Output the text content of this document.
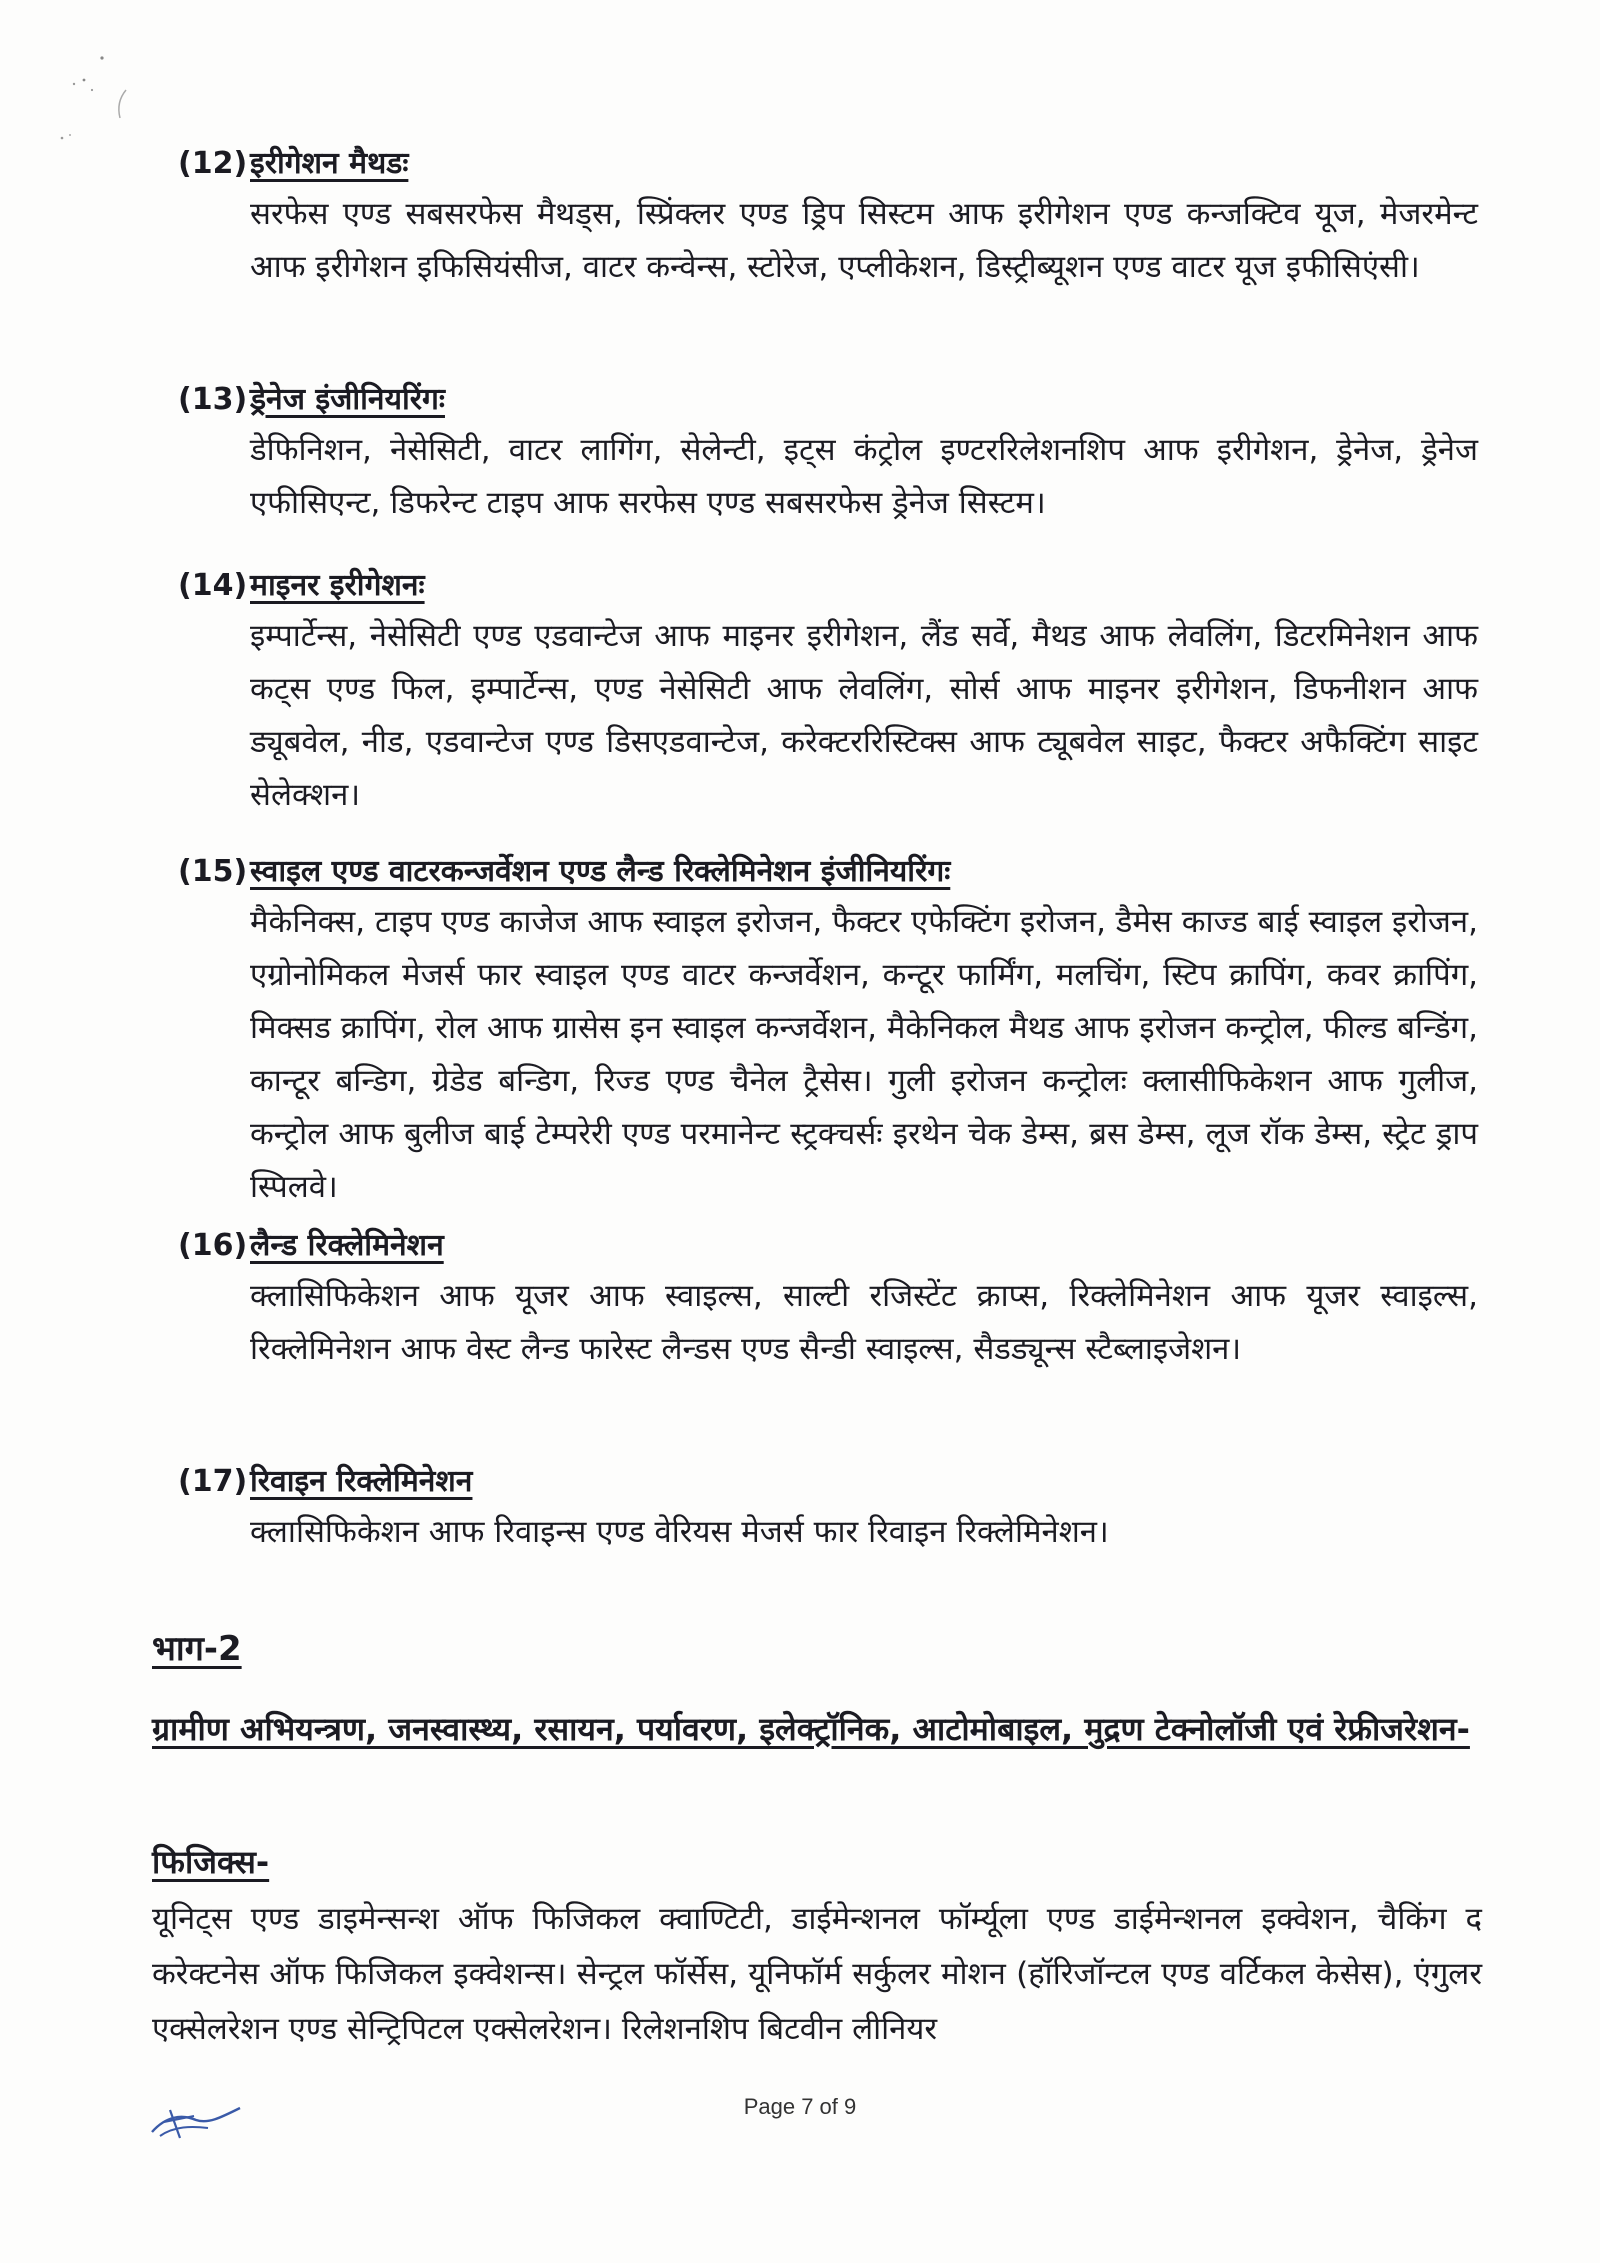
(12) इरीगेशन मैथडः
सरफेस एण्ड सबसरफेस मैथड्स, स्प्रिंक्लर एण्ड ड्रिप सिस्टम आफ इरीगेशन एण्ड कन्जक्टिव यूज, मेजरमेन्ट आफ इरीगेशन इफिसियंसीज, वाटर कन्वेन्स, स्टोरेज, एप्लीकेशन, डिस्ट्रीब्यूशन एण्ड वाटर यूज इफीसिएंसी।
(13) ड्रेनेज इंजीनियरिंगः
डेफिनिशन, नेसेसिटी, वाटर लागिंग, सेलेन्टी, इट्स कंट्रोल इण्टररिलेशनशिप आफ इरीगेशन, ड्रेनेज, ड्रेनेज एफीसिएन्ट, डिफरेन्ट टाइप आफ सरफेस एण्ड सबसरफेस ड्रेनेज सिस्टम।
(14) माइनर इरीगेशनः
इम्पार्टेन्स, नेसेसिटी एण्ड एडवान्टेज आफ माइनर इरीगेशन, लैंड सर्वे, मैथड आफ लेवलिंग, डिटरमिनेशन आफ कट्स एण्ड फिल, इम्पार्टेन्स, एण्ड नेसेसिटी आफ लेवलिंग, सोर्स आफ माइनर इरीगेशन, डिफनीशन आफ ड्यूबवेल, नीड, एडवान्टेज एण्ड डिसएडवान्टेज, करेक्टररिस्टिक्स आफ ट्यूबवेल साइट, फैक्टर अफैक्टिंग साइट सेलेक्शन।
(15) स्वाइल एण्ड वाटरकन्जर्वेशन एण्ड लैन्ड रिक्लेमिनेशन इंजीनियरिंगः
मैकेनिक्स, टाइप एण्ड काजेज आफ स्वाइल इरोजन, फैक्टर एफेक्टिंग इरोजन, डैमेस काज्ड बाई स्वाइल इरोजन, एग्रोनोमिकल मेजर्स फार स्वाइल एण्ड वाटर कन्जर्वेशन, कन्टूर फार्मिंग, मलचिंग, स्टिप क्रापिंग, कवर क्रापिंग, मिक्सड क्रापिंग, रोल आफ ग्रासेस इन स्वाइल कन्जर्वेशन, मैकेनिकल मैथड आफ इरोजन कन्ट्रोल, फील्ड बन्डिंग, कान्टूर बन्डिग, ग्रेडेड बन्डिग, रिज्ड एण्ड चैनेल ट्रैसेस। गुली इरोजन कन्ट्रोलः क्लासीफिकेशन आफ गुलीज, कन्ट्रोल आफ बुलीज बाई टेम्परेरी एण्ड परमानेन्ट स्ट्रक्चर्सः इरथेन चेक डेम्स, ब्रस डेम्स, लूज रॉक डेम्स, स्ट्रेट ड्राप स्पिलवे।
(16) लैन्ड रिक्लेमिनेशन
क्लासिफिकेशन आफ यूजर आफ स्वाइल्स, साल्टी रजिस्टेंट क्राप्स, रिक्लेमिनेशन आफ यूजर स्वाइल्स, रिक्लेमिनेशन आफ वेस्ट लैन्ड फारेस्ट लैन्डस एण्ड सैन्डी स्वाइल्स, सैडड्यून्स स्टैब्लाइजेशन।
(17) रिवाइन रिक्लेमिनेशन
क्लासिफिकेशन आफ रिवाइन्स एण्ड वेरियस मेजर्स फार रिवाइन रिक्लेमिनेशन।
भाग-2
ग्रामीण अभियन्त्रण, जनस्वास्थ्य, रसायन, पर्यावरण, इलेक्ट्रॉनिक, आटोमोबाइल, मुद्रण टेक्नोलॉजी एवं रेफ्रीजरेशन-
फिजिक्स-
यूनिट्स एण्ड डाइमेन्सन्श ऑफ फिजिकल क्वाण्टिटी, डाईमेन्शनल फॉर्म्यूला एण्ड डाईमेन्शनल इक्वेशन, चैकिंग द करेक्टनेस ऑफ फिजिकल इक्वेशन्स। सेन्ट्रल फॉर्सेस, यूनिफॉर्म सर्कुलर मोशन (हॉरिजॉन्टल एण्ड वर्टिकल केसेस), एंगुलर एक्सेलरेशन एण्ड सेन्ट्रिपिटल एक्सेलरेशन। रिलेशनशिप बिटवीन लीनियर
Page 7 of 9
